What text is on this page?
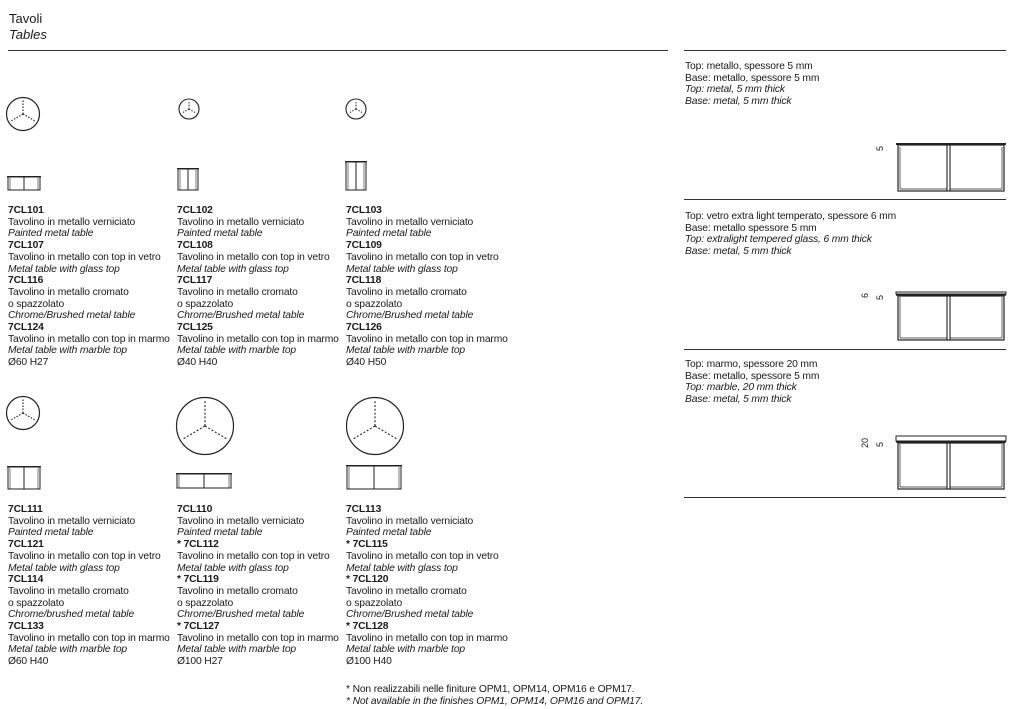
Tavoli
Tables
7CL101
Tavolino in metallo verniciato
Painted metal table
7CL107
Tavolino in metallo con top in vetro
Metal table with glass top
7CL116
Tavolino in metallo cromato
o spazzolato
Chrome/Brushed metal table
7CL124
Tavolino in metallo con top in marmo
Metal table with marble top
Ø60 H27
7CL102
Tavolino in metallo verniciato
Painted metal table
7CL108
Tavolino in metallo con top in vetro
Metal table with glass top
7CL117
Tavolino in metallo cromato
o spazzolato
Chrome/Brushed metal table
7CL125
Tavolino in metallo con top in marmo
Metal table with marble top
Ø40 H40
7CL103
Tavolino in metallo verniciato
Painted metal table
7CL109
Tavolino in metallo con top in vetro
Metal table with glass top
7CL118
Tavolino in metallo cromato
o spazzolato
Chrome/Brushed metal table
7CL126
Tavolino in metallo con top in marmo
Metal table with marble top
Ø40 H50
7CL111
Tavolino in metallo verniciato
Painted metal table
7CL121
Tavolino in metallo con top in vetro
Metal table with glass top
7CL114
Tavolino in metallo cromato
o spazzolato
Chrome/brushed metal table
7CL133
Tavolino in metallo con top in marmo
Metal table with marble top
Ø60 H40
7CL110
Tavolino in metallo verniciato
Painted metal table
* 7CL112
Tavolino in metallo con top in vetro
Metal table with glass top
* 7CL119
Tavolino in metallo cromato
o spazzolato
Chrome/Brushed metal table
* 7CL127
Tavolino in metallo con top in marmo
Metal table with marble top
Ø100 H27
7CL113
Tavolino in metallo verniciato
Painted metal table
* 7CL115
Tavolino in metallo con top in vetro
Metal table with glass top
* 7CL120
Tavolino in metallo cromato
o spazzolato
Chrome/Brushed metal table
* 7CL128
Tavolino in metallo con top in marmo
Metal table with marble top
Ø100 H40
Top: metallo, spessore 5 mm
Base: metallo, spessore 5 mm
Top: metal, 5 mm thick
Base: metal, 5 mm thick
Top: vetro extra light temperato, spessore 6 mm
Base: metallo spessore 5 mm
Top: extralight tempered glass, 6 mm thick
Base: metal, 5 mm thick
Top: marmo, spessore 20 mm
Base: metallo, spessore 5 mm
Top: marble, 20 mm thick
Base: metal, 5 mm thick
5
6 5
20 5
* Non realizzabili nelle finiture OPM1, OPM14, OPM16 e OPM17.
* Not available in the finishes OPM1, OPM14, OPM16 and OPM17.
